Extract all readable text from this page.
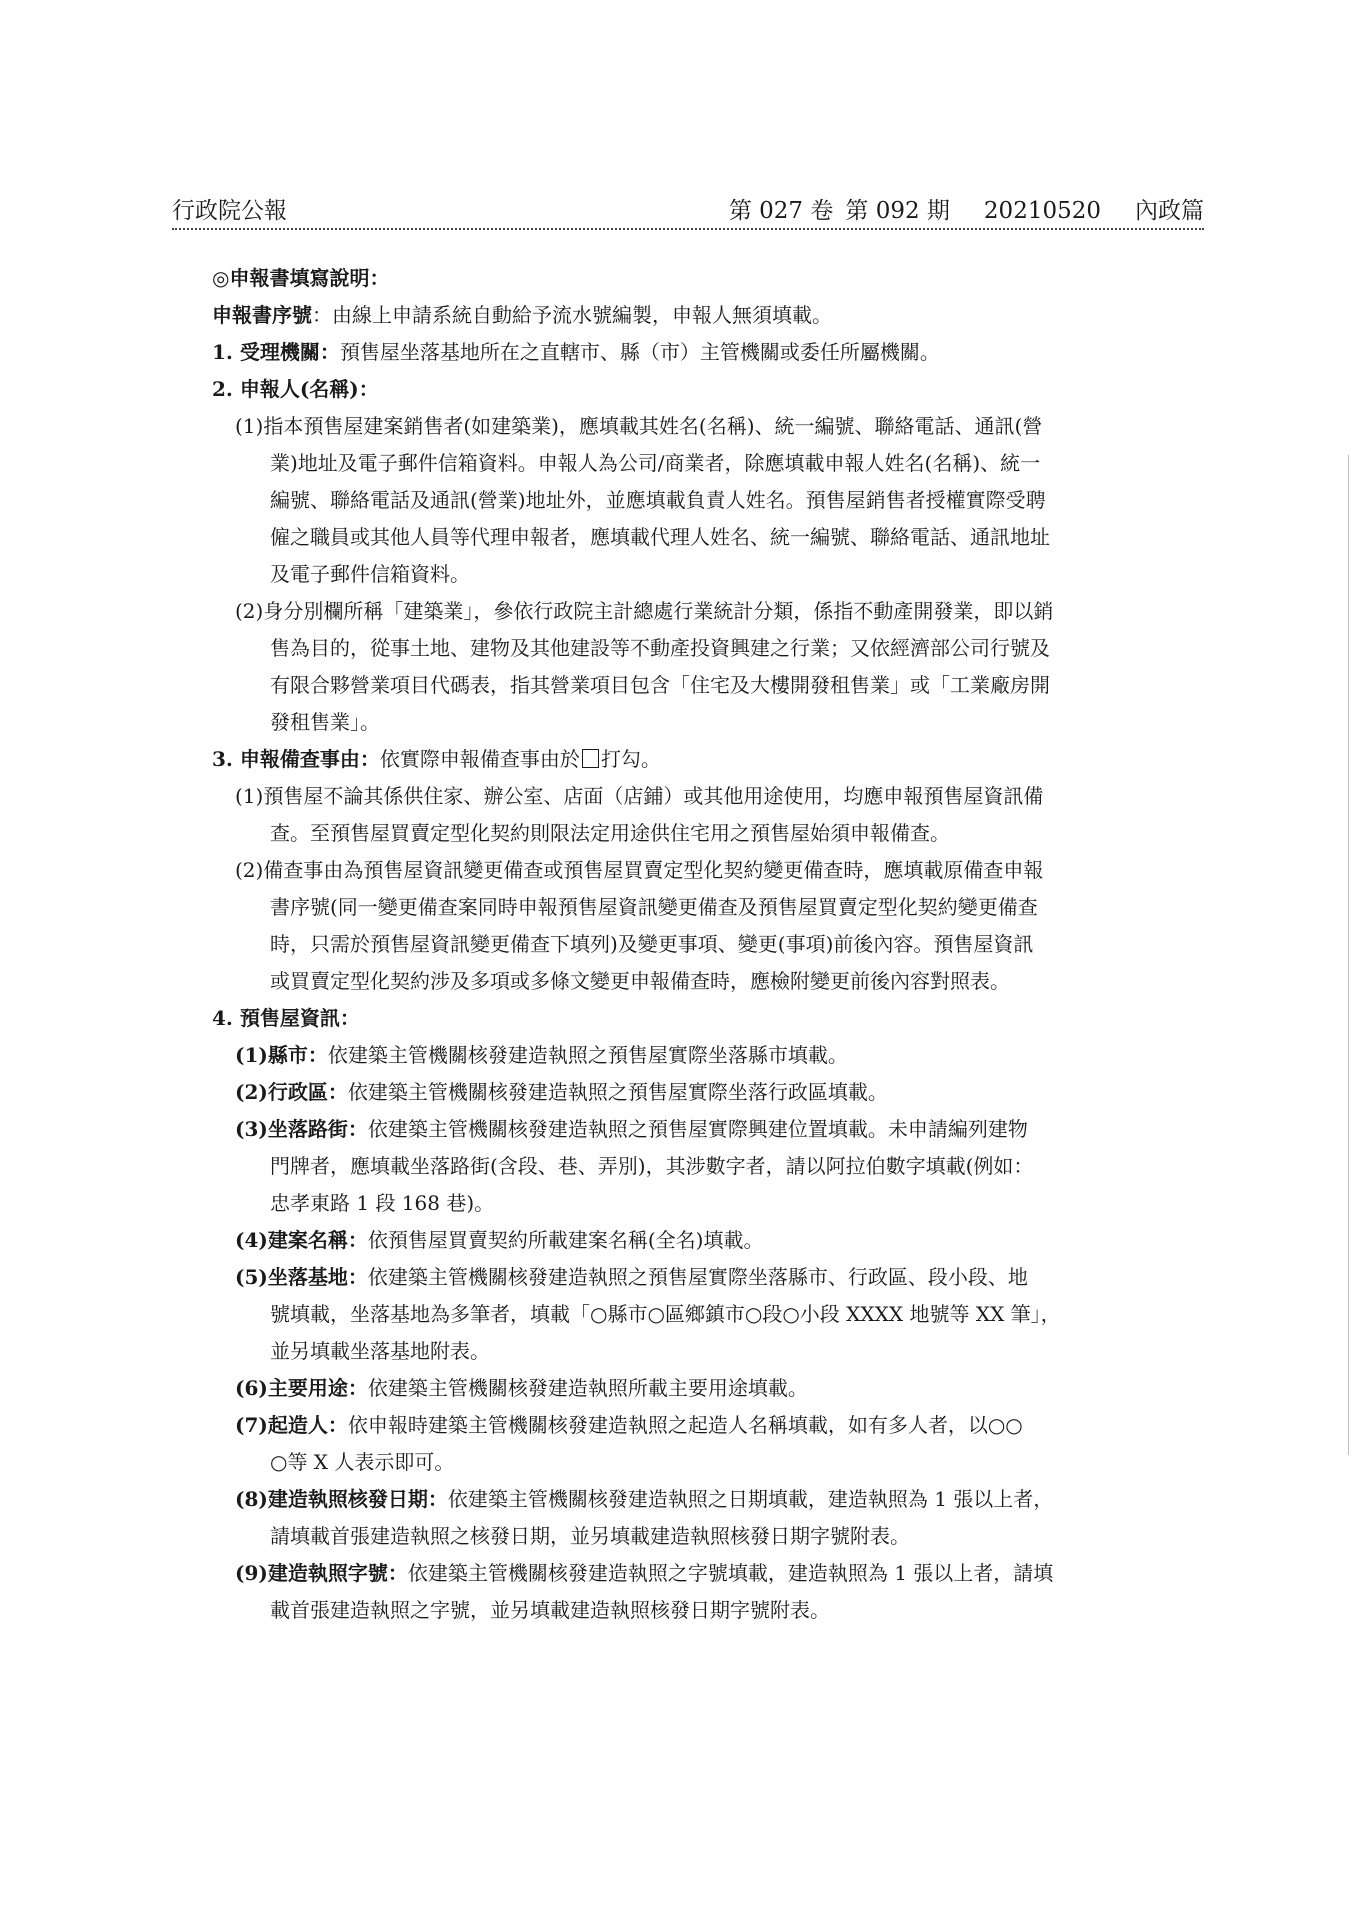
行政院公報	第 027 卷 第 092 期 20210520 內政篇

◎申報書填寫說明：

申報書序號：由線上申請系統自動給予流水號編製，申報人無須填載。

1. 受理機關：預售屋坐落基地所在之直轄市、縣（市）主管機關或委任所屬機關。

2. 申報人(名稱)：

(1)指本預售屋建案銷售者(如建築業)，應填載其姓名(名稱)、統一編號、聯絡電話、通訊(營

業)地址及電子郵件信箱資料。申報人為公司/商業者，除應填載申報人姓名(名稱)、統一

編號、聯絡電話及通訊(營業)地址外，並應填載負責人姓名。預售屋銷售者授權實際受聘

僱之職員或其他人員等代理申報者，應填載代理人姓名、統一編號、聯絡電話、通訊地址

及電子郵件信箱資料。

(2)身分別欄所稱「建築業」，參依行政院主計總處行業統計分類，係指不動產開發業，即以銷

售為目的，從事土地、建物及其他建設等不動產投資興建之行業；又依經濟部公司行號及

有限合夥營業項目代碼表，指其營業項目包含「住宅及大樓開發租售業」或「工業廠房開

發租售業」。

3. 申報備查事由：依實際申報備查事由於 打勾。

(1)預售屋不論其係供住家、辦公室、店面（店鋪）或其他用途使用，均應申報預售屋資訊備

查。至預售屋買賣定型化契約則限法定用途供住宅用之預售屋始須申報備查。

(2)備查事由為預售屋資訊變更備查或預售屋買賣定型化契約變更備查時，應填載原備查申報

書序號(同一變更備查案同時申報預售屋資訊變更備查及預售屋買賣定型化契約變更備查

時，只需於預售屋資訊變更備查下填列)及變更事項、變更(事項)前後內容。預售屋資訊

或買賣定型化契約涉及多項或多條文變更申報備查時，應檢附變更前後內容對照表。

4. 預售屋資訊：

(1)縣市：依建築主管機關核發建造執照之預售屋實際坐落縣市填載。

(2)行政區：依建築主管機關核發建造執照之預售屋實際坐落行政區填載。

(3)坐落路街：依建築主管機關核發建造執照之預售屋實際興建位置填載。未申請編列建物

門牌者，應填載坐落路街(含段、巷、弄別)，其涉數字者，請以阿拉伯數字填載(例如：

忠孝東路 1 段 168 巷)。

(4)建案名稱：依預售屋買賣契約所載建案名稱(全名)填載。

(5)坐落基地：依建築主管機關核發建造執照之預售屋實際坐落縣市、行政區、段小段、地

號填載，坐落基地為多筆者，填載「○縣市○區鄉鎮市○段○小段 XXXX 地號等 XX 筆」，

並另填載坐落基地附表。

(6)主要用途：依建築主管機關核發建造執照所載主要用途填載。

(7)起造人：依申報時建築主管機關核發建造執照之起造人名稱填載，如有多人者，以○○

○等 X 人表示即可。

(8)建造執照核發日期：依建築主管機關核發建造執照之日期填載，建造執照為 1 張以上者，

請填載首張建造執照之核發日期，並另填載建造執照核發日期字號附表。

(9)建造執照字號：依建築主管機關核發建造執照之字號填載，建造執照為 1 張以上者，請填

載首張建造執照之字號，並另填載建造執照核發日期字號附表。
